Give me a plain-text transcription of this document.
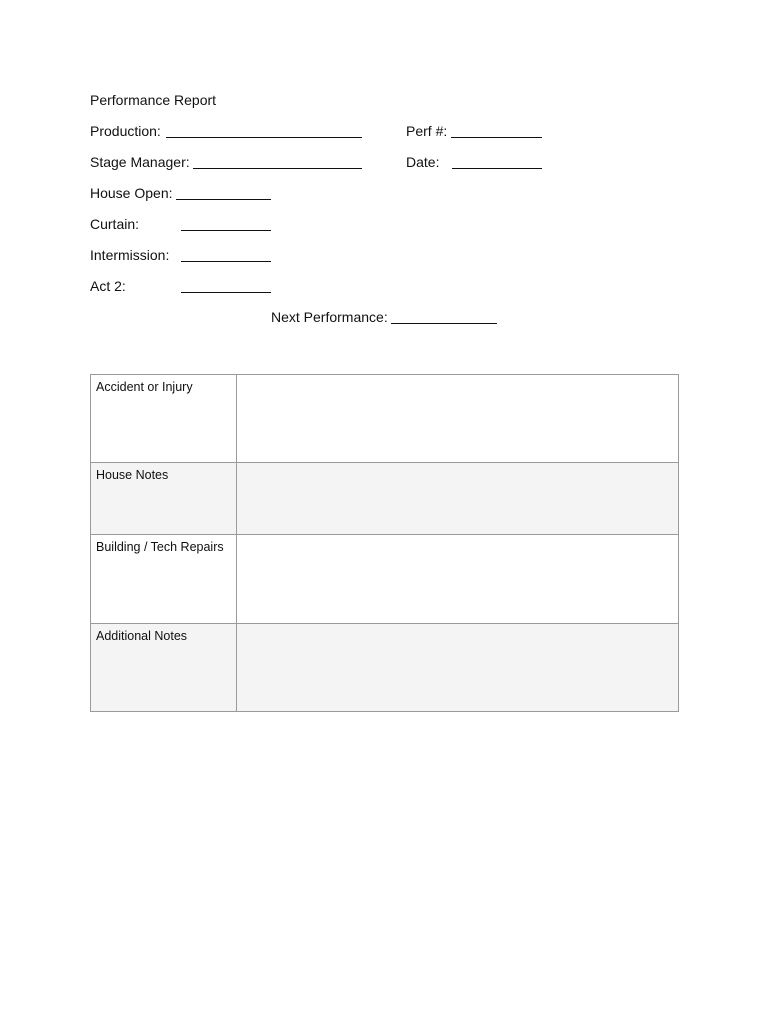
Performance Report
Production:	Perf #:
Stage Manager:	Date:
House Open:
Curtain:
Intermission:
Act 2:
Next Performance:
Accident or Injury	
House Notes	
Building / Tech Repairs	
Additional Notes	
